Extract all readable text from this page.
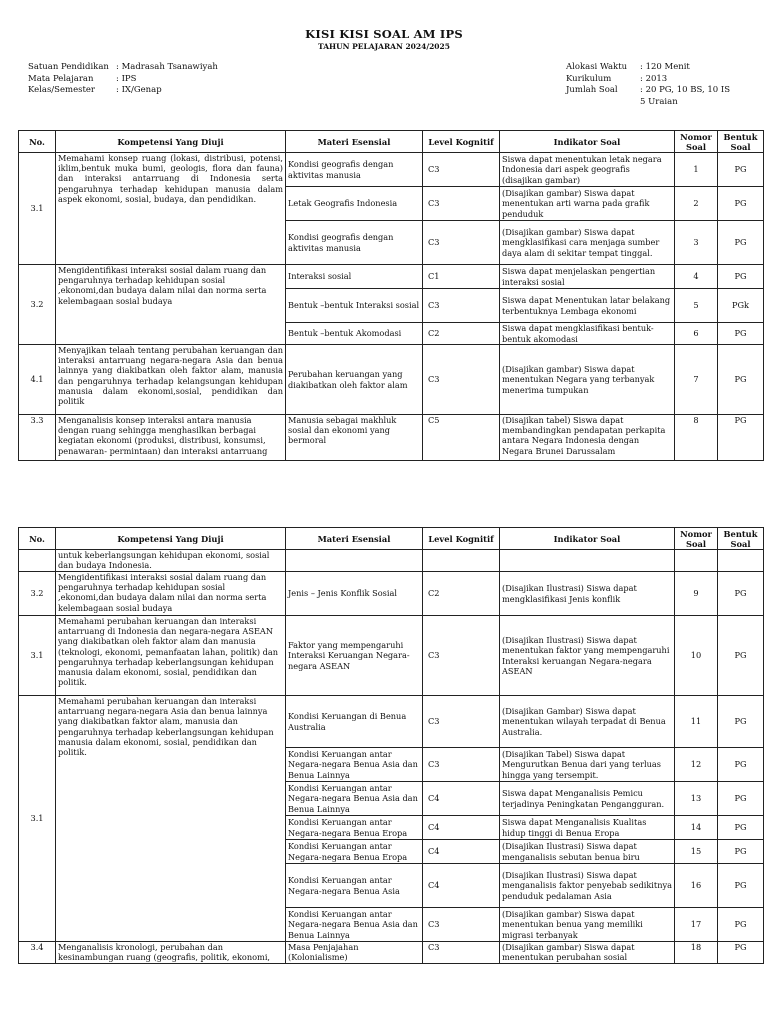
KISI KISI SOAL AM IPS
TAHUN PELAJARAN 2024/2025
Satuan Pendidikan : Madrasah Tsanawiyah
Mata Pelajaran	: IPS
Kelas/Semester	: IX/Genap
Alokasi Waktu	: 120 Menit
Kurikulum	: 2013
Jumlah Soal	: 20 PG, 10 BS, 10 IS
5 Uraian
No.	Kompetensi Yang Diuji	Materi Esensial	Level Kognitif	Indikator Soal	Nomor Soal	Bentuk Soal
3.1	Memahami konsep ruang (lokasi, distribusi, potensi, iklim,bentuk muka bumi, geologis, flora dan fauna) dan interaksi antarruang di Indonesia serta pengaruhnya terhadap kehidupan manusia dalam aspek ekonomi, sosial, budaya, dan pendidikan.	Kondisi geografis dengan aktivitas manusia	C3	Siswa dapat menentukan letak negara Indonesia dari aspek geografis (disajikan gambar)	1	PG
		Letak Geografis Indonesia	C3	(Disajikan gambar) Siswa dapat menentukan arti warna pada grafik penduduk	2	PG
		Kondisi geografis dengan aktivitas manusia	C3	(Disajikan gambar) Siswa dapat mengklasifikasi cara menjaga sumber daya alam di sekitar tempat tinggal.	3	PG
3.2	Mengidentifikasi interaksi sosial dalam ruang dan pengaruhnya terhadap kehidupan sosial ,ekonomi,dan budaya dalam nilai dan norma serta kelembagaan sosial budaya	Interaksi sosial	C1	Siswa dapat menjelaskan pengertian interaksi sosial	4	PG
		Bentuk –bentuk Interaksi sosial	C3	Siswa dapat Menentukan latar belakang terbentuknya Lembaga ekonomi	5	PGk
		Bentuk –bentuk Akomodasi	C2	Siswa dapat mengklasifikasi bentuk-bentuk akomodasi	6	PG
4.1	Menyajikan telaah tentang perubahan keruangan dan interaksi antarruang negara-negara Asia dan benua lainnya yang diakibatkan oleh faktor alam, manusia dan pengaruhnya terhadap kelangsungan kehidupan manusia dalam ekonomi,sosial, pendidikan dan politik	Perubahan keruangan yang diakibatkan oleh faktor alam	C3	(Disajikan gambar) Siswa dapat menentukan Negara yang terbanyak menerima tumpukan	7	PG
3.3	Menganalisis konsep interaksi antara manusia dengan ruang sehingga menghasilkan berbagai kegiatan ekonomi (produksi, distribusi, konsumsi, penawaran- permintaan) dan interaksi antarruang	Manusia sebagai makhluk sosial dan ekonomi yang bermoral	C5	(Disajikan tabel) Siswa dapat membandingkan pendapatan perkapita antara Negara Indonesia dengan Negara Brunei Darussalam	8	PG
No.	Kompetensi Yang Diuji	Materi Esensial	Level Kognitif	Indikator Soal	Nomor Soal	Bentuk Soal
	untuk keberlangsungan kehidupan ekonomi, sosial dan budaya Indonesia.					
3.2	Mengidentifikasi interaksi sosial dalam ruang dan pengaruhnya terhadap kehidupan sosial ,ekonomi,dan budaya dalam nilai dan norma serta kelembagaan sosial budaya	Jenis – Jenis Konflik Sosial	C2	(Disajikan Ilustrasi) Siswa dapat mengklasifikasi Jenis konflik	9	PG
3.1	Memahami perubahan keruangan dan interaksi antarruang di Indonesia dan negara-negara ASEAN yang diakibatkan oleh faktor alam dan manusia (teknologi, ekonomi, pemanfaatan lahan, politik) dan pengaruhnya terhadap keberlangsungan kehidupan manusia dalam ekonomi, sosial, pendidikan dan politik.	Faktor yang mempengaruhi Interaksi Keruangan Negara-negara ASEAN	C3	(Disajikan Ilustrasi) Siswa dapat menentukan faktor yang mempengaruhi Interaksi keruangan Negara-negara ASEAN	10	PG
3.1	Memahami perubahan keruangan dan interaksi antarruang negara-negara Asia dan benua lainnya yang diakibatkan faktor alam, manusia dan pengaruhnya terhadap keberlangsungan kehidupan manusia dalam ekonomi, sosial, pendidikan dan politik.	Kondisi Keruangan di Benua Australia	C3	(Disajikan Gambar) Siswa dapat menentukan wilayah terpadat di Benua Australia.	11	PG
		Kondisi Keruangan antar Negara-negara Benua Asia dan Benua Lainnya	C3	(Disajikan Tabel) Siswa dapat Mengurutkan Benua dari yang terluas hingga yang tersempit.	12	PG
		Kondisi Keruangan antar Negara-negara Benua Asia dan Benua Lainnya	C4	Siswa dapat Menganalisis Pemicu terjadinya Peningkatan Pengangguran.	13	PG
		Kondisi Keruangan antar Negara-negara Benua Eropa	C4	Siswa dapat Menganalisis Kualitas hidup tinggi di Benua Eropa	14	PG
		Kondisi Keruangan antar Negara-negara Benua Eropa	C4	(Disajikan Ilustrasi) Siswa dapat menganalisis sebutan benua biru	15	PG
		Kondisi Keruangan antar Negara-negara Benua Asia	C4	(Disajikan Ilustrasi) Siswa dapat menganalisis faktor penyebab sedikitnya penduduk pedalaman Asia	16	PG
		Kondisi Keruangan antar Negara-negara Benua Asia dan Benua Lainnya	C3	(Disajikan gambar) Siswa dapat menentukan benua yang memiliki migrasi terbanyak	17	PG
3.4	Menganalisis kronologi, perubahan dan kesinambungan ruang (geografis, politik, ekonomi,	Masa Penjajahan (Kolonialisme)	C3	(Disajikan gambar) Siswa dapat menentukan perubahan sosial	18	PG
